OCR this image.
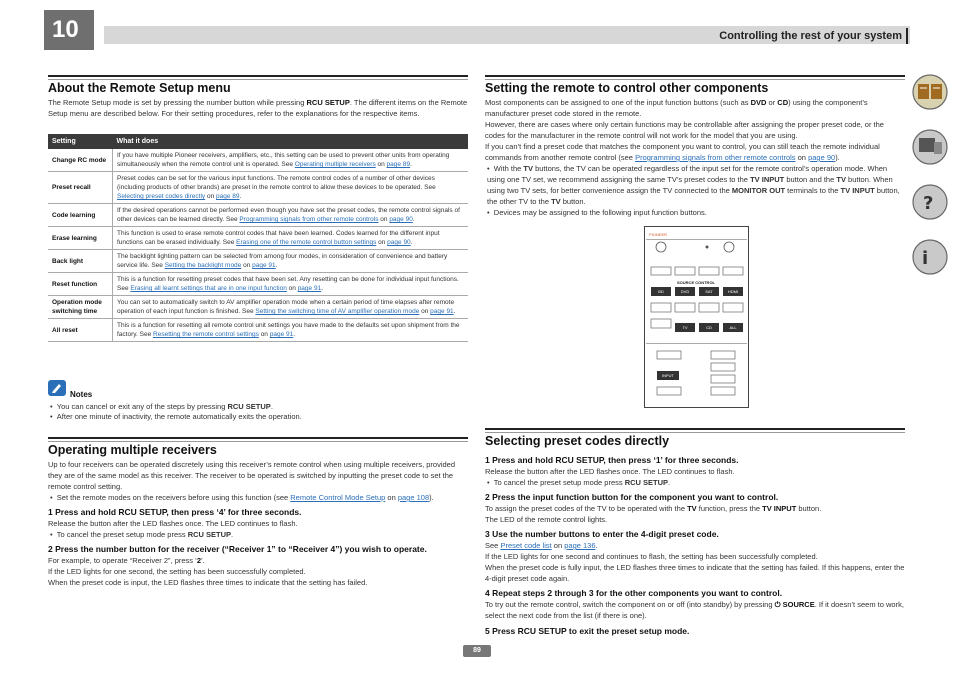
10	Controlling the rest of your system
?
i
About the Remote Setup menu

The Remote Setup mode is set by pressing the number button while pressing RCU SETUP. The different items on the Remote Setup menu are described below. For their setting procedures, refer to the explanations for the respective items.

Setting	What it does
Change RC mode	If you have multiple Pioneer receivers, amplifiers, etc., this setting can be used to prevent other units from operating simultaneously when the remote control unit is operated. See Operating multiple receivers on page 89.
Preset recall	Preset codes can be set for the various input functions. The remote control codes of a number of other devices (including products of other brands) are preset in the remote control to allow these devices to be operated. See Selecting preset codes directly on page 89.
Code learning	If the desired operations cannot be performed even though you have set the preset codes, the remote control signals of other devices can be learned directly. See Programming signals from other remote controls on page 90.
Erase learning	This function is used to erase remote control codes that have been learned. Codes learned for the different input functions can be erased individually. See Erasing one of the remote control button settings on page 90.
Back light	The backlight lighting pattern can be selected from among four modes, in consideration of convenience and battery service life. See Setting the backlight mode on page 91.
Reset function	This is a function for resetting preset codes that have been set. Any resetting can be done for individual input functions. See Erasing all learnt settings that are in one input function on page 91.
Operation mode switching time	You can set to automatically switch to AV amplifier operation mode when a certain period of time elapses after remote operation of each input function is finished. See Setting the switching time of AV amplifier operation mode on page 91.
All reset	This is a function for resetting all remote control unit settings you have made to the defaults set upon shipment from the factory. See Resetting the remote control settings on page 91.
Notes
•  You can cancel or exit any of the steps by pressing RCU SETUP.
•  After one minute of inactivity, the remote automatically exits the operation.
Operating multiple receivers

Up to four receivers can be operated discretely using this receiver’s remote control when using multiple receivers, provided they are of the same model as this receiver. The receiver to be operated is switched by inputting the preset code to set the remote control setting.

•  Set the remote modes on the receivers before using this function (see Remote Control Mode Setup on page 108).
1 Press and hold RCU SETUP, then press ‘4’ for three seconds.

Release the button after the LED flashes once. The LED continues to flash.

•  To cancel the preset setup mode press RCU SETUP.
2 Press the number button for the receiver (“Receiver 1” to “Receiver 4”) you wish to operate.

For example, to operate “Receiver 2”, press ‘2’.

If the LED lights for one second, the setting has been successfully completed.

When the preset code is input, the LED flashes three times to indicate that the setting has failed.

Setting the remote to control other components

Most components can be assigned to one of the input function buttons (such as DVD or CD) using the component’s manufacturer preset code stored in the remote.

However, there are cases where only certain functions may be controllable after assigning the proper preset code, or the codes for the manufacturer in the remote control will not work for the model that you are using.

If you can’t find a preset code that matches the component you want to control, you can still teach the remote individual commands from another remote control (see Programming signals from other remote controls on page 90).

•  With the TV buttons, the TV can be operated regardless of the input set for the remote control’s operation mode. When using one TV set, we recommend assigning the same TV’s preset codes to the TV INPUT button and the TV button. When using two TV sets, for better convenience assign the TV connected to the MONITOR OUT terminals to the TV INPUT button, the other TV to the TV button.
•  Devices may be assigned to the following input function buttons.
PIONEER
SOURCE CONTROL
BD	DVD	SAT	HDMI
TV	CD	ALL
INPUT
Selecting preset codes directly
1 Press and hold RCU SETUP, then press ‘1’ for three seconds.

Release the button after the LED flashes once. The LED continues to flash.

•  To cancel the preset setup mode press RCU SETUP.
2 Press the input function button for the component you want to control.

To assign the preset codes of the TV to be operated with the TV function, press the TV INPUT button.

The LED of the remote control lights.

3 Use the number buttons to enter the 4-digit preset code.

See Preset code list on page 136.

If the LED lights for one second and continues to flash, the setting has been successfully completed.

When the preset code is fully input, the LED flashes three times to indicate that the setting has failed. If this happens, enter the 4-digit preset code again.

4 Repeat steps 2 through 3 for the other components you want to control.

To try out the remote control, switch the component on or off (into standby) by pressing ⏻ SOURCE. If it doesn’t seem to work, select the next code from the list (if there is one).

5 Press RCU SETUP to exit the preset setup mode.
89
